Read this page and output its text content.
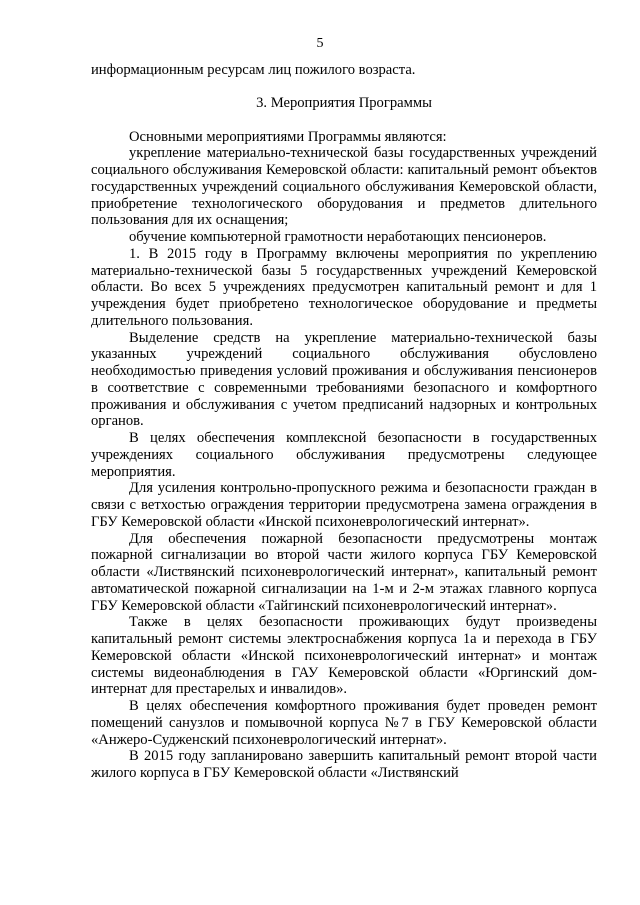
5

информационным ресурсам лиц пожилого возраста.

3. Мероприятия Программы

Основными мероприятиями Программы являются:

укрепление материально-технической базы государственных учреждений социального обслуживания Кемеровской области: капитальный ремонт объектов государственных учреждений социального обслуживания Кемеровской области, приобретение технологического оборудования и предметов длительного пользования для их оснащения;

обучение компьютерной грамотности неработающих пенсионеров.

1. В 2015 году в Программу включены мероприятия по укреплению материально-технической базы 5 государственных учреждений Кемеровской области. Во всех 5 учреждениях предусмотрен капитальный ремонт и для 1 учреждения будет приобретено технологическое оборудование и предметы длительного пользования.

Выделение средств на укрепление материально-технической базы указанных учреждений социального обслуживания обусловлено необходимостью приведения условий проживания и обслуживания пенсионеров в соответствие с современными требованиями безопасного и комфортного проживания и обслуживания с учетом предписаний надзорных и контрольных органов.

В целях обеспечения комплексной безопасности в государственных учреждениях социального обслуживания предусмотрены следующее мероприятия.

Для усиления контрольно-пропускного режима и безопасности граждан в связи с ветхостью ограждения территории предусмотрена замена ограждения в ГБУ Кемеровской области «Инской психоневрологический интернат».

Для обеспечения пожарной безопасности предусмотрены монтаж пожарной сигнализации во второй части жилого корпуса ГБУ Кемеровской области «Листвянский психоневрологический интернат», капитальный ремонт автоматической пожарной сигнализации на 1-м и 2-м этажах главного корпуса ГБУ Кемеровской области «Тайгинский психоневрологический интернат».

Также в целях безопасности проживающих будут произведены капитальный ремонт системы электроснабжения корпуса 1а и перехода в ГБУ Кемеровской области «Инской психоневрологический интернат» и монтаж системы видеонаблюдения в ГАУ Кемеровской области «Юргинский дом-интернат для престарелых и инвалидов».

В целях обеспечения комфортного проживания будет проведен ремонт помещений санузлов и помывочной корпуса №7 в ГБУ Кемеровской области «Анжеро-Судженский психоневрологический интернат».

В 2015 году запланировано завершить капитальный ремонт второй части жилого корпуса в ГБУ Кемеровской области «Листвянский
